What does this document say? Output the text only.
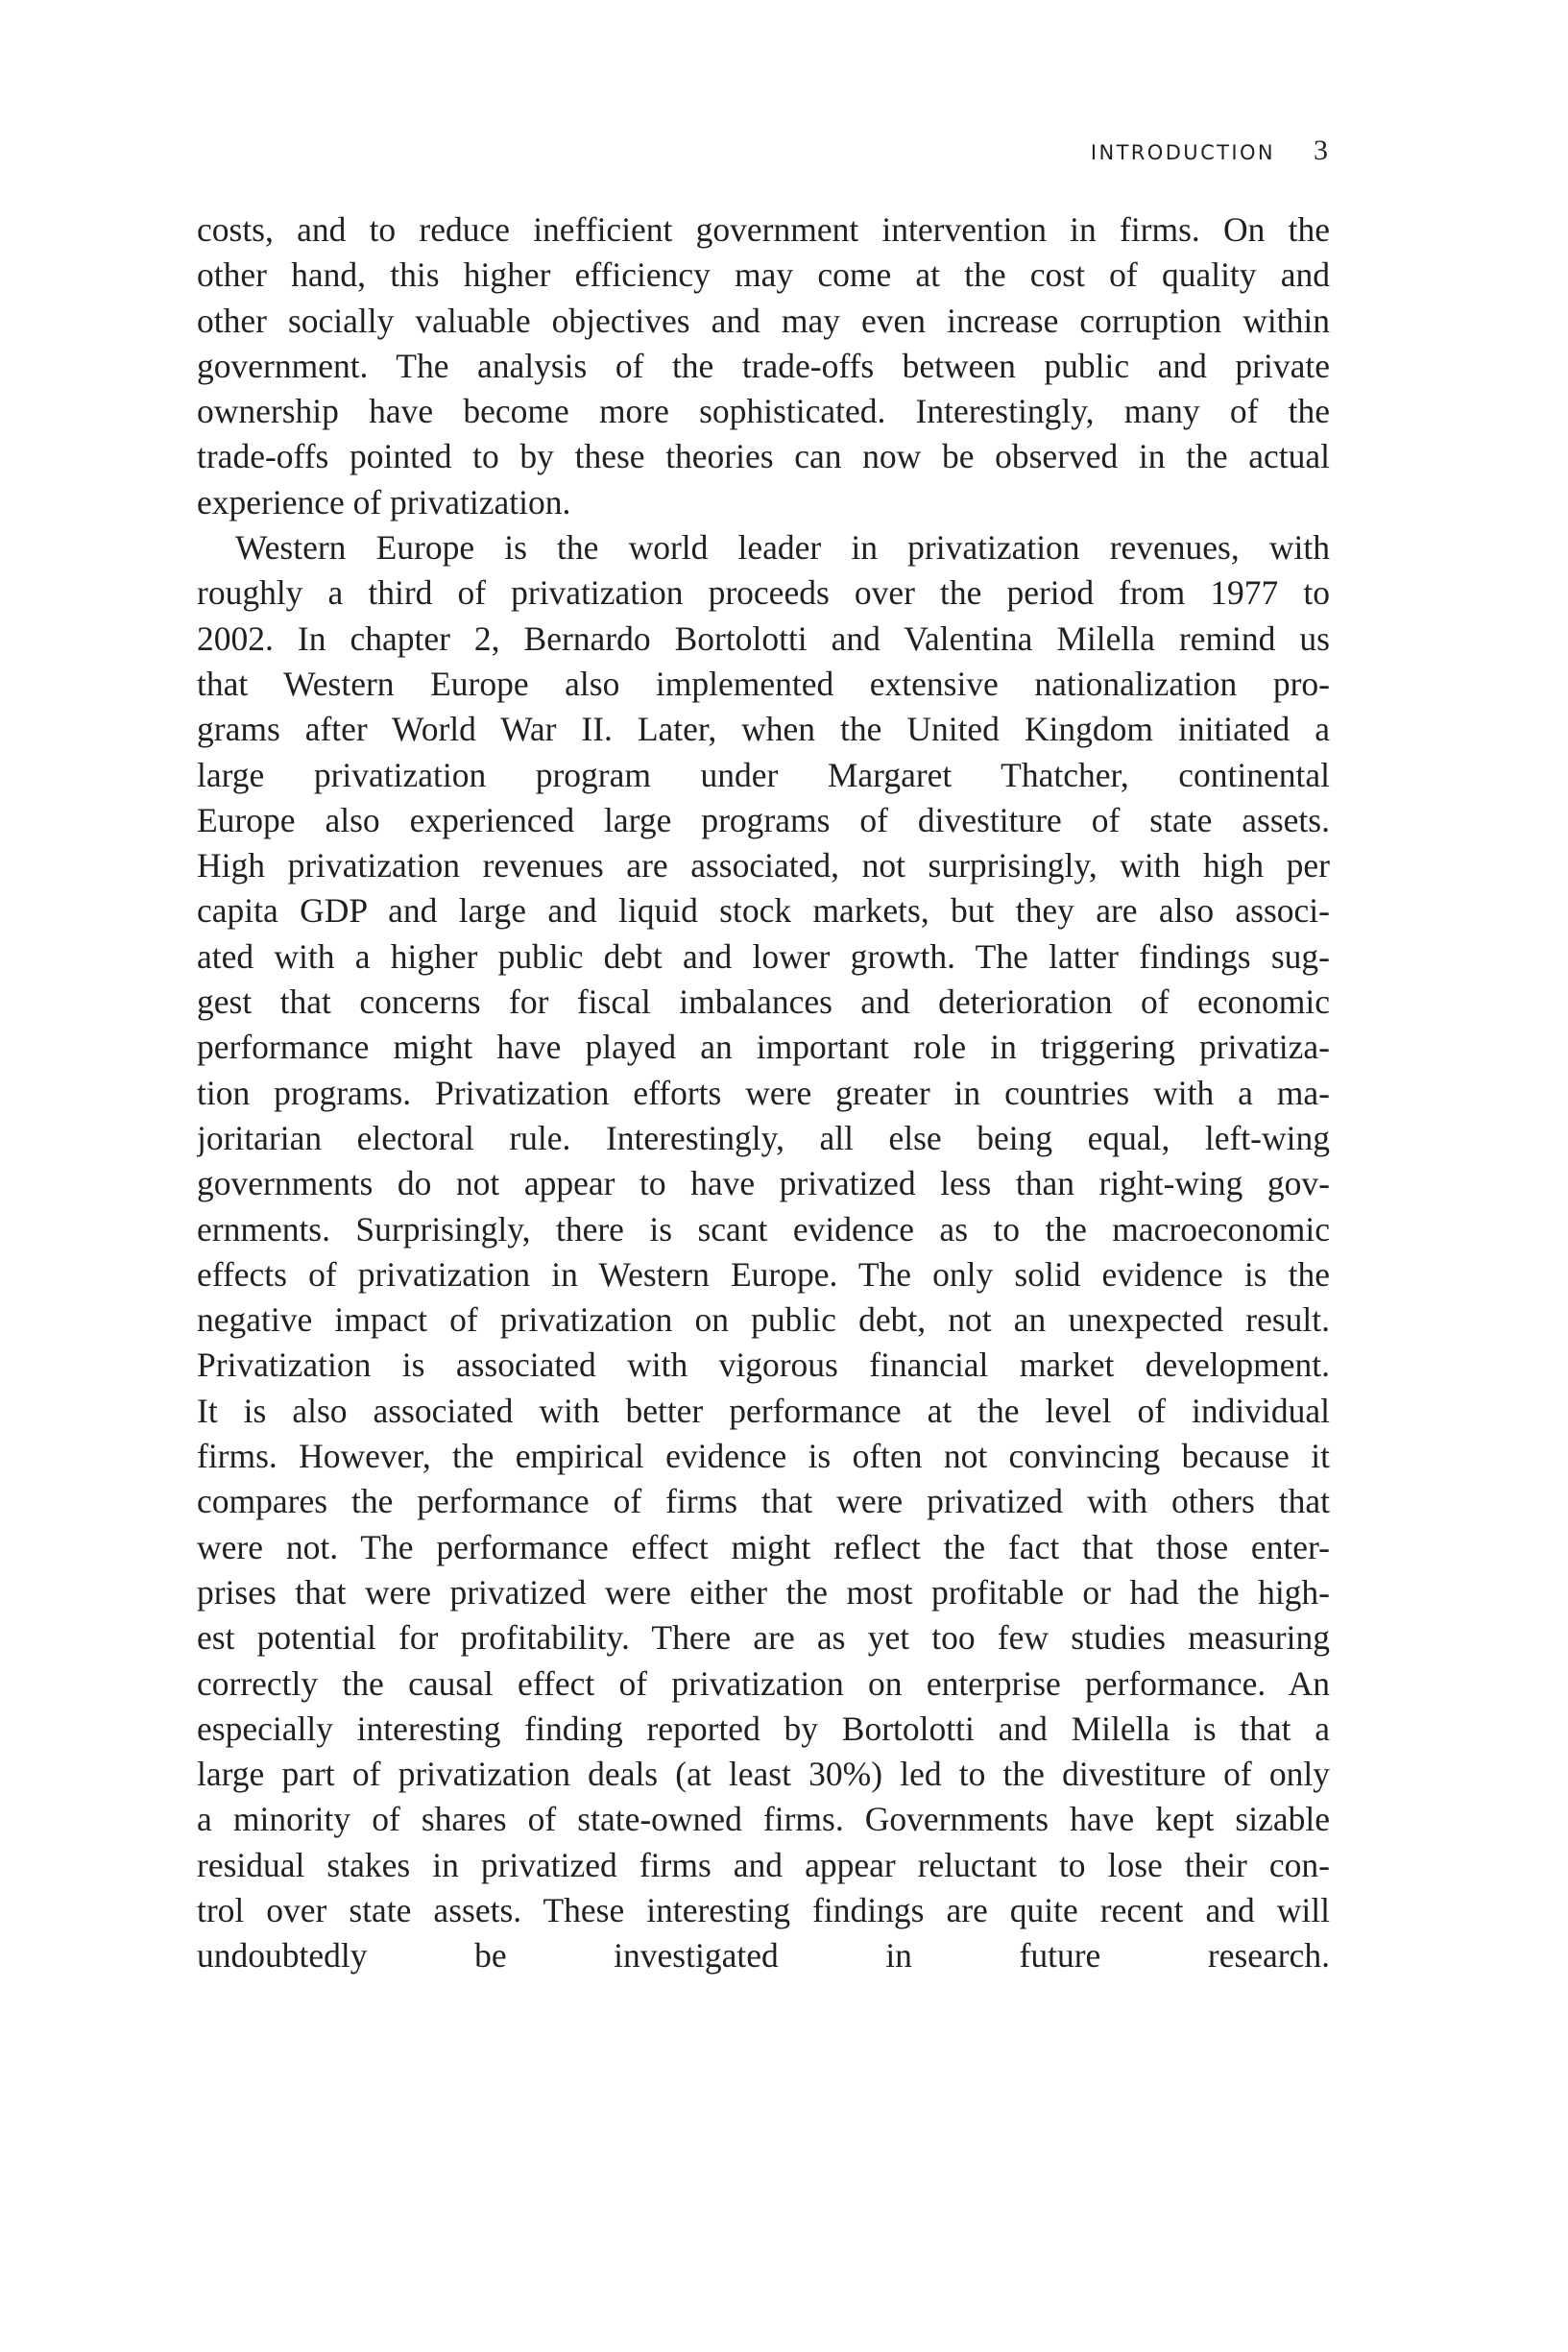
INTRODUCTION 3

costs, and to reduce inefficient government intervention in firms. On the
other hand, this higher efficiency may come at the cost of quality and
other socially valuable objectives and may even increase corruption within
government. The analysis of the trade-offs between public and private
ownership have become more sophisticated. Interestingly, many of the
trade-offs pointed to by these theories can now be observed in the actual
experience of privatization.

Western Europe is the world leader in privatization revenues, with
roughly a third of privatization proceeds over the period from 1977 to
2002. In chapter 2, Bernardo Bortolotti and Valentina Milella remind us
that Western Europe also implemented extensive nationalization pro-
grams after World War II. Later, when the United Kingdom initiated a
large privatization program under Margaret Thatcher, continental
Europe also experienced large programs of divestiture of state assets.
High privatization revenues are associated, not surprisingly, with high per
capita GDP and large and liquid stock markets, but they are also associ-
ated with a higher public debt and lower growth. The latter findings sug-
gest that concerns for fiscal imbalances and deterioration of economic
performance might have played an important role in triggering privatiza-
tion programs. Privatization efforts were greater in countries with a ma-
joritarian electoral rule. Interestingly, all else being equal, left-wing
governments do not appear to have privatized less than right-wing gov-
ernments. Surprisingly, there is scant evidence as to the macroeconomic
effects of privatization in Western Europe. The only solid evidence is the
negative impact of privatization on public debt, not an unexpected result.
Privatization is associated with vigorous financial market development.
It is also associated with better performance at the level of individual
firms. However, the empirical evidence is often not convincing because it
compares the performance of firms that were privatized with others that
were not. The performance effect might reflect the fact that those enter-
prises that were privatized were either the most profitable or had the high-
est potential for profitability. There are as yet too few studies measuring
correctly the causal effect of privatization on enterprise performance. An
especially interesting finding reported by Bortolotti and Milella is that a
large part of privatization deals (at least 30%) led to the divestiture of only
a minority of shares of state-owned firms. Governments have kept sizable
residual stakes in privatized firms and appear reluctant to lose their con-
trol over state assets. These interesting findings are quite recent and will
undoubtedly be investigated in future research.
